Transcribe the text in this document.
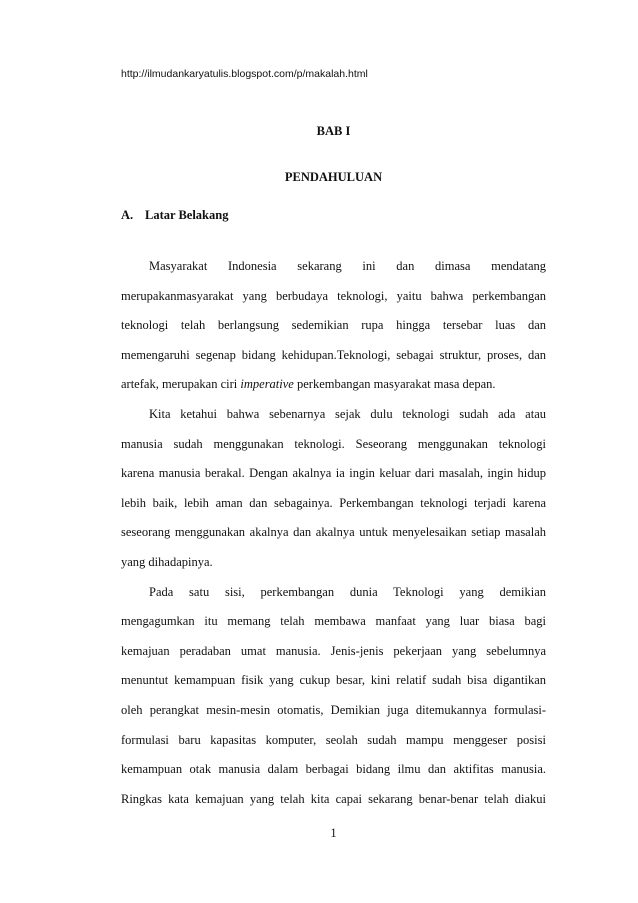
http://ilmudankaryatulis.blogspot.com/p/makalah.html
BAB I
PENDAHULUAN
A. Latar Belakang
Masyarakat Indonesia sekarang ini dan dimasa mendatang
merupakanmasyarakat yang berbudaya teknologi, yaitu bahwa perkembangan
teknologi telah berlangsung sedemikian rupa hingga tersebar luas dan
memengaruhi segenap bidang kehidupan.Teknologi, sebagai struktur, proses, dan
artefak, merupakan ciri imperative perkembangan masyarakat masa depan.
Kita ketahui bahwa sebenarnya sejak dulu teknologi sudah ada atau
manusia sudah menggunakan teknologi. Seseorang menggunakan teknologi
karena manusia berakal. Dengan akalnya ia ingin keluar dari masalah, ingin hidup
lebih baik, lebih aman dan sebagainya. Perkembangan teknologi terjadi karena
seseorang menggunakan akalnya dan akalnya untuk menyelesaikan setiap masalah
yang dihadapinya.
Pada satu sisi, perkembangan dunia Teknologi yang demikian
mengagumkan itu memang telah membawa manfaat yang luar biasa bagi
kemajuan peradaban umat manusia. Jenis-jenis pekerjaan yang sebelumnya
menuntut kemampuan fisik yang cukup besar, kini relatif sudah bisa digantikan
oleh perangkat mesin-mesin otomatis, Demikian juga ditemukannya formulasi-
formulasi baru kapasitas komputer, seolah sudah mampu menggeser posisi
kemampuan otak manusia dalam berbagai bidang ilmu dan aktifitas manusia.
Ringkas kata kemajuan yang telah kita capai sekarang benar-benar telah diakui
1
